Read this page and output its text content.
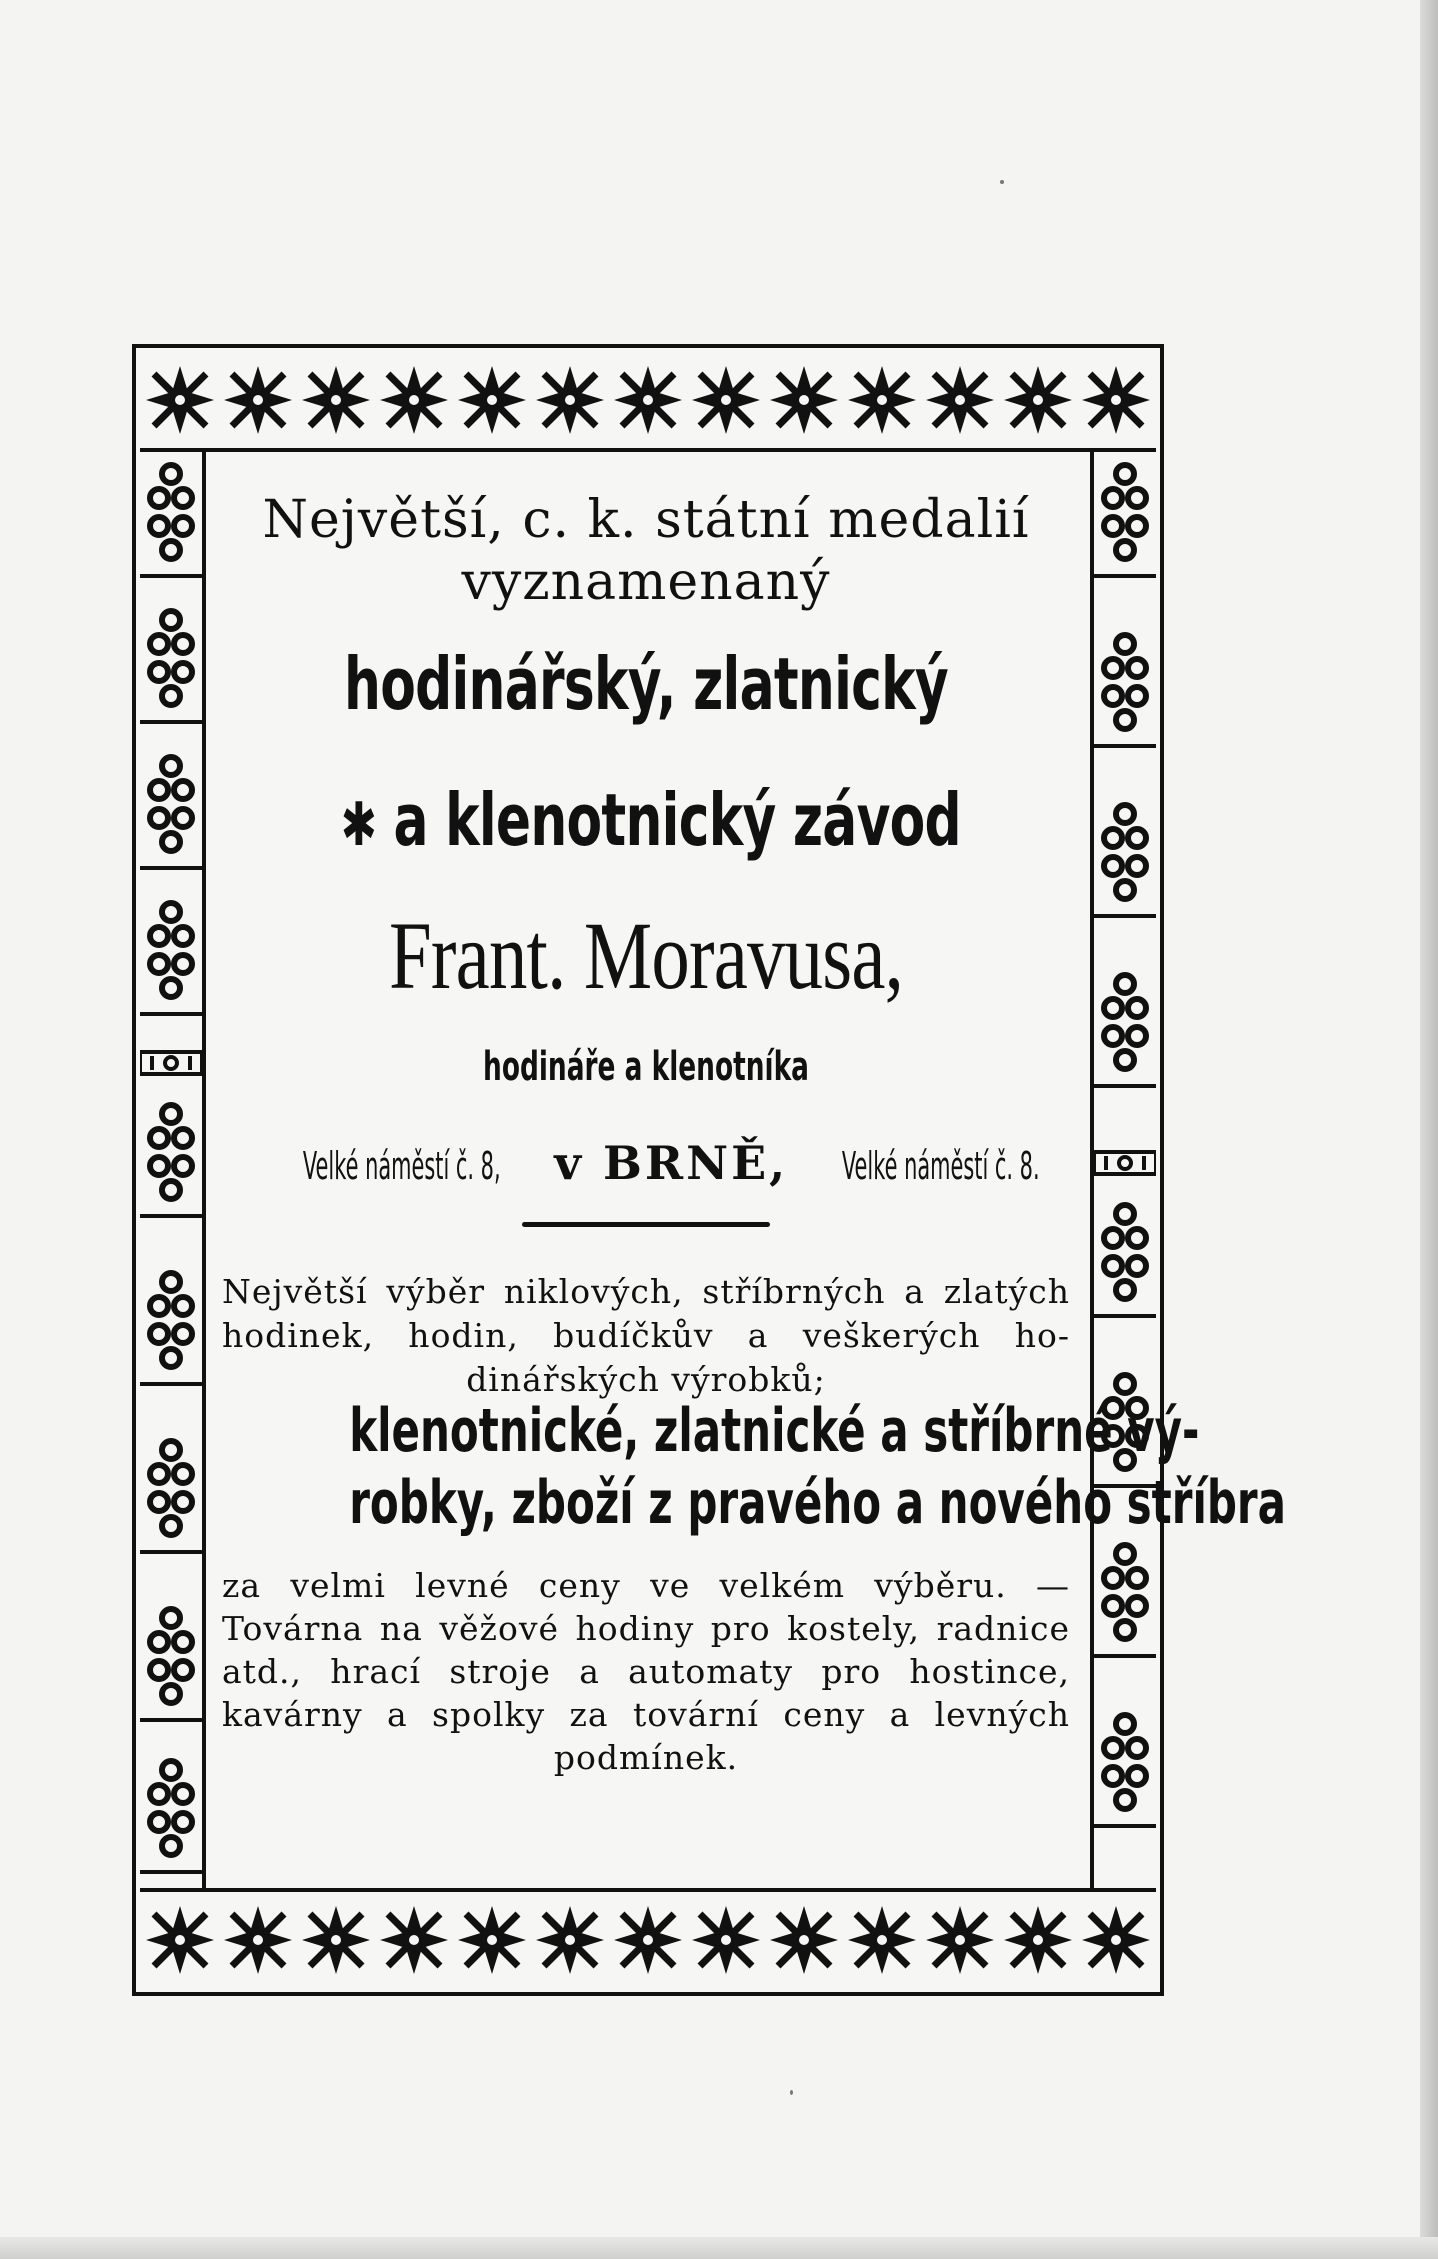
Největší, c. k. státní medalií
vyznamenaný
hodinářský, zlatnický
✱ a klenotnický závod
Frant. Moravusa,
hodináře a klenotníka
Velké náměstí č. 8, v BRNĚ, Velké náměstí č. 8.
Největší výběr niklových, stříbrných a zlatých
hodinek, hodin, budíčkův a veškerých ho-
dinářských výrobků;
klenotnické, zlatnické a stříbrné vý-
robky, zboží z pravého a nového stříbra
za velmi levné ceny ve velkém výběru. —
Továrna na věžové hodiny pro kostely, radnice
atd., hrací stroje a automaty pro hostince,
kavárny a spolky za tovární ceny a levných
podmínek.
